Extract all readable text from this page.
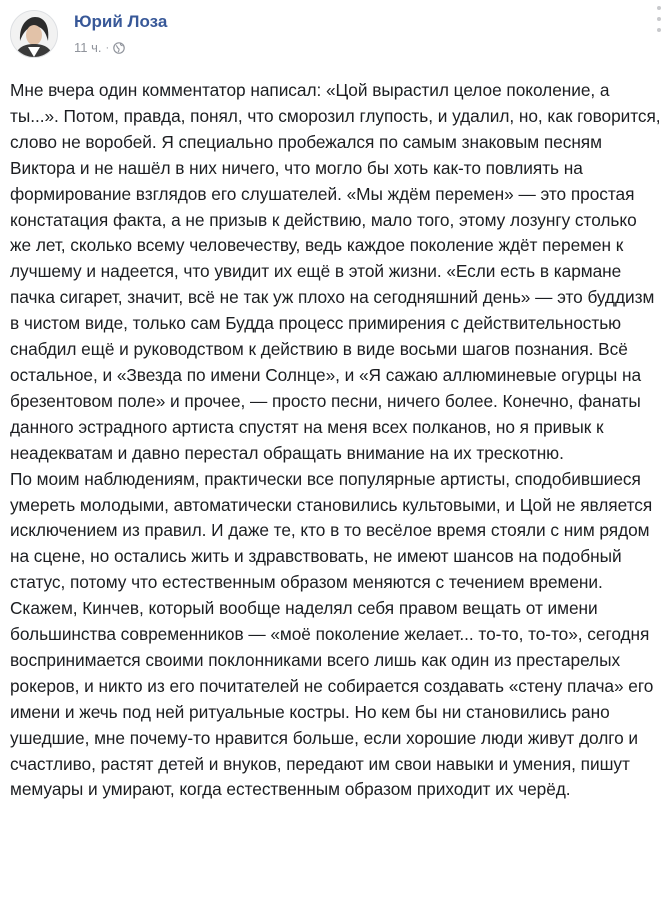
Юрий Лоза
11 ч. ·
Мне вчера один комментатор написал: «Цой вырастил целое поколение, а ты...». Потом, правда, понял, что сморозил глупость, и удалил, но, как говорится, слово не воробей. Я специально пробежался по самым знаковым песням Виктора и не нашёл в них ничего, что могло бы хоть как-то повлиять на формирование взглядов его слушателей. «Мы ждём перемен» — это простая констатация факта, а не призыв к действию, мало того, этому лозунгу столько же лет, сколько всему человечеству, ведь каждое поколение ждёт перемен к лучшему и надеется, что увидит их ещё в этой жизни. «Если есть в кармане пачка сигарет, значит, всё не так уж плохо на сегодняшний день» — это буддизм в чистом виде, только сам Будда процесс примирения с действительностью снабдил ещё и руководством к действию в виде восьми шагов познания. Всё остальное, и «Звезда по имени Солнце», и «Я сажаю аллюминевые огурцы на брезентовом поле» и прочее, — просто песни, ничего более. Конечно, фанаты данного эстрадного артиста спустят на меня всех полканов, но я привык к неадекватам и давно перестал обращать внимание на их трескотню.
По моим наблюдениям, практически все популярные артисты, сподобившиеся умереть молодыми, автоматически становились культовыми, и Цой не является исключением из правил. И даже те, кто в то весёлое время стояли с ним рядом на сцене, но остались жить и здравствовать, не имеют шансов на подобный статус, потому что естественным образом меняются с течением времени. Скажем, Кинчев, который вообще наделял себя правом вещать от имени большинства современников — «моё поколение желает... то-то, то-то», сегодня воспринимается своими поклонниками всего лишь как один из престарелых рокеров, и никто из его почитателей не собирается создавать «стену плача» его имени и жечь под ней ритуальные костры. Но кем бы ни становились рано ушедшие, мне почему-то нравится больше, если хорошие люди живут долго и счастливо, растят детей и внуков, передают им свои навыки и умения, пишут мемуары и умирают, когда естественным образом приходит их черёд.
